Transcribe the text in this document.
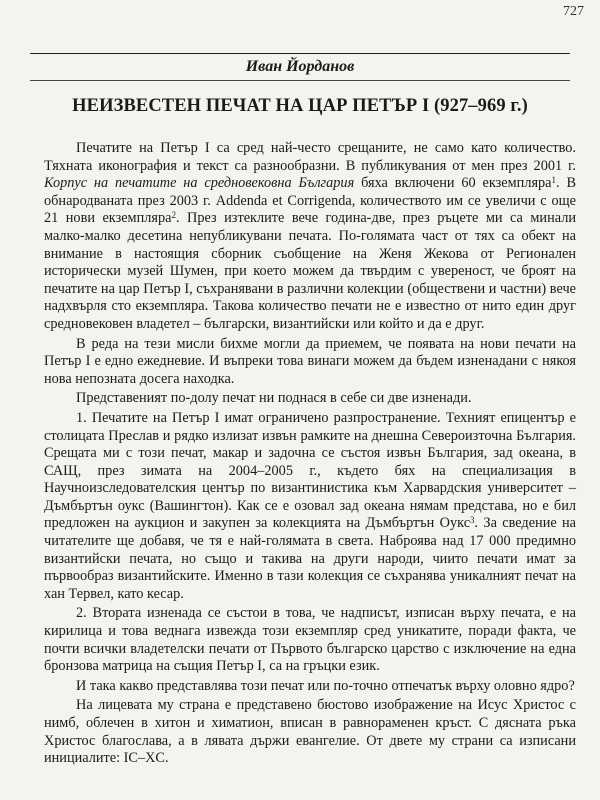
727
Иван Йорданов
НЕИЗВЕСТЕН ПЕЧАТ НА ЦАР ПЕТЪР I (927–969 г.)

Печатите на Петър I са сред най-често срещаните, не само като количество. Тяхната иконография и текст са разнообразни. В публикувания от мен през 2001 г. Корпус на печатите на средновековна България бяха включени 60 екземпляра$^1$. В обнародваната през 2003 г. Addenda et Corrigenda, количеството им се увеличи с още 21 нови екземпляра$^2$. През изтеклите вече година-две, през ръцете ми са минали малко-малко десетина непубликувани печата. По-голямата част от тях са обект на внимание в настоящия сборник съобщение на Женя Жекова от Регионален исторически музей Шумен, при което можем да твърдим с увереност, че броят на печатите на цар Петър I, съхранявани в различни колекции (обществени и частни) вече надхвърля сто екземпляра. Такова количество печати не е известно от нито един друг средновековен владетел – български, византийски или който и да е друг.

В реда на тези мисли бихме могли да приемем, че появата на нови печати на Петър I е едно ежедневие. И въпреки това винаги можем да бъдем изненадани с някоя нова непозната досега находка.

Представеният по-долу печат ни поднася в себе си две изненади.

1. Печатите на Петър I имат ограничено разпространение. Техният епицентър е столицата Преслав и рядко излизат извън рамките на днешна Североизточна България. Срещата ми с този печат, макар и задочна се състоя извън България, зад океана, в САЩ, през зимата на 2004–2005 г., където бях на специализация в Научноизследователския център по византинистика към Харвардския университет – Дъмбъртън оукс (Вашингтон). Как се е озовал зад океана нямам представа, но е бил предложен на аукцион и закупен за колекцията на Дъмбъртън Оукс$^3$. За сведение на читателите ще добавя, че тя е най-голямата в света. Наброява над 17 000 предимно византийски печата, но също и такива на други народи, чиито печати имат за първообраз византийските. Именно в тази колекция се съхранява уникалният печат на хан Тервел, като кесар.

2. Втората изненада се състои в това, че надписът, изписан върху печата, е на кирилица и това веднага извежда този екземпляр сред уникатите, поради факта, че почти всички владетелски печати от Първото българско царство с изключение на една бронзова матрица на същия Петър I, са на гръцки език.

И така какво представлява този печат или по-точно отпечатък върху оловно ядро?

На лицевата му страна е представено бюстово изображение на Исус Христос с нимб, облечен в хитон и химатион, вписан в равнораменен кръст. С дясната ръка Христос благослава, а в лявата държи евангелие. От двете му страни са изписани инициалите: IC–XC.
